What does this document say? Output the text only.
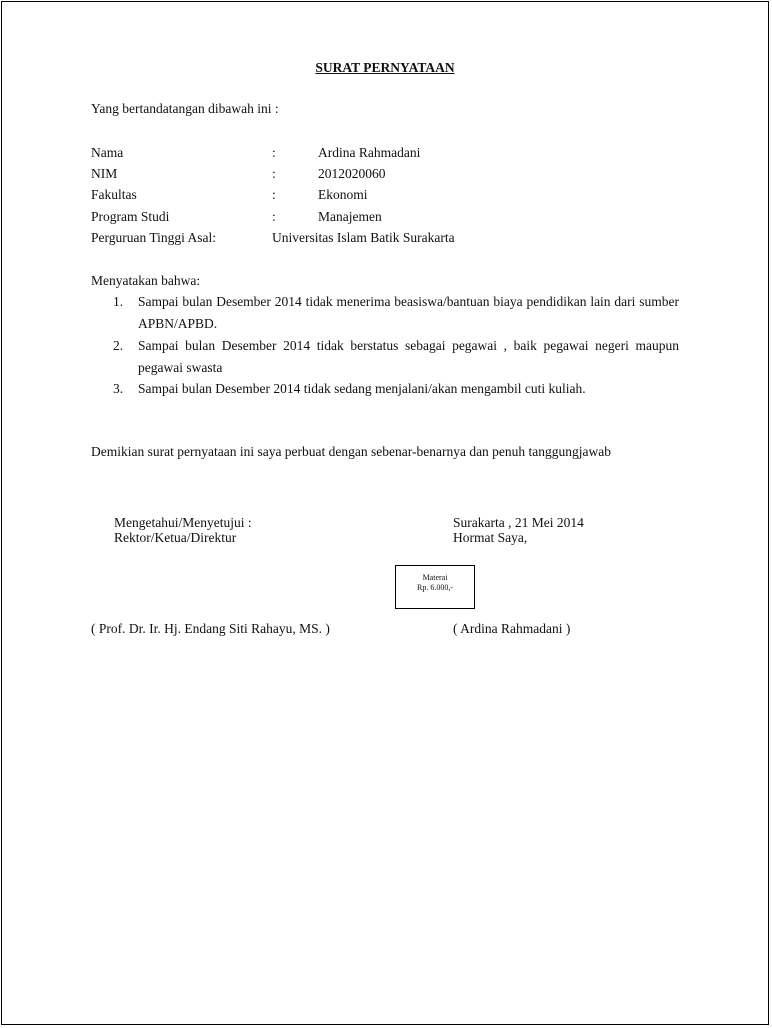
SURAT PERNYATAAN
Yang bertandatangan dibawah ini :
Nama	:	Ardina Rahmadani
NIM	:	2012020060
Fakultas	:	Ekonomi
Program Studi	:	Manajemen
Perguruan Tinggi Asal:	Universitas Islam Batik Surakarta
Menyatakan bahwa:
1. Sampai bulan Desember 2014 tidak menerima beasiswa/bantuan biaya pendidikan lain dari sumber APBN/APBD.
2. Sampai bulan Desember 2014 tidak berstatus sebagai pegawai , baik pegawai negeri maupun pegawai swasta
3. Sampai bulan Desember 2014 tidak sedang menjalani/akan mengambil cuti kuliah.
Demikian surat pernyataan ini saya perbuat dengan sebenar-benarnya dan penuh tanggungjawab
Mengetahui/Menyetujui :
Rektor/Ketua/Direktur
Surakarta , 21 Mei 2014
Hormat Saya,
Materai
Rp. 6.000,-
( Prof. Dr. Ir. Hj. Endang Siti Rahayu, MS. )	( Ardina Rahmadani )
